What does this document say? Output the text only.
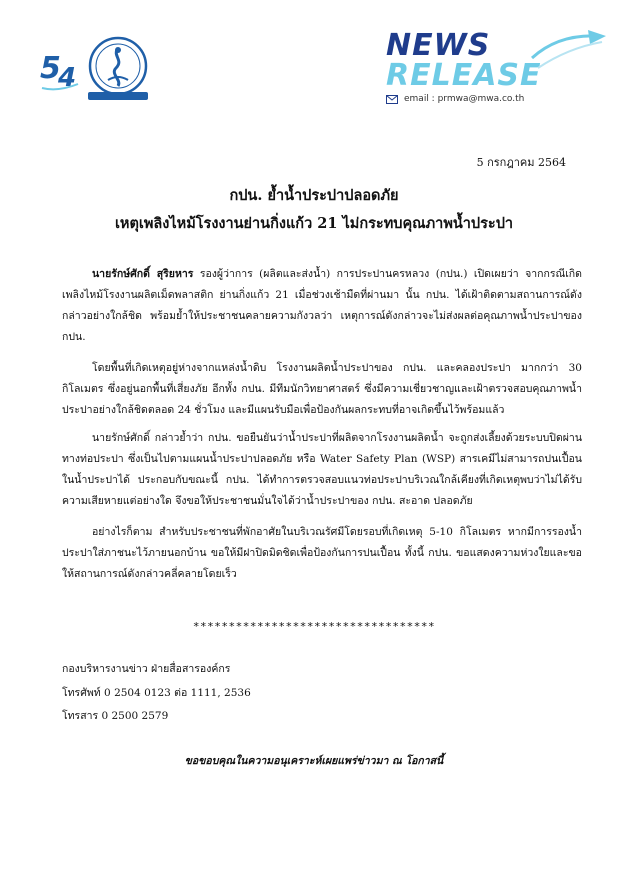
5
4
NEWS
RELEASE
email : prmwa@mwa.co.th
5 กรกฎาคม 2564
กปน. ย้ำน้ำประปาปลอดภัย
เหตุเพลิงไหม้โรงงานย่านกิ่งแก้ว 21 ไม่กระทบคุณภาพน้ำประปา
นายรักษ์ศักดิ์ สุริยหาร รองผู้ว่าการ (ผลิตและส่งน้ำ) การประปานครหลวง (กปน.) เปิดเผยว่า จากกรณีเกิดเพลิงไหม้โรงงานผลิตเม็ดพลาสติก ย่านกิ่งแก้ว 21 เมื่อช่วงเช้ามืดที่ผ่านมา นั้น กปน. ได้เฝ้าติดตามสถานการณ์ดังกล่าวอย่างใกล้ชิด พร้อมย้ำให้ประชาชนคลายความกังวลว่า เหตุการณ์ดังกล่าวจะไม่ส่งผลต่อคุณภาพน้ำประปาของ กปน.
โดยพื้นที่เกิดเหตุอยู่ห่างจากแหล่งน้ำดิบ โรงงานผลิตน้ำประปาของ กปน. และคลองประปา มากกว่า 30 กิโลเมตร ซึ่งอยู่นอกพื้นที่เสี่ยงภัย อีกทั้ง กปน. มีทีมนักวิทยาศาสตร์ ซึ่งมีความเชี่ยวชาญและเฝ้าตรวจสอบคุณภาพน้ำประปาอย่างใกล้ชิดตลอด 24 ชั่วโมง และมีแผนรับมือเพื่อป้องกันผลกระทบที่อาจเกิดขึ้นไว้พร้อมแล้ว
นายรักษ์ศักดิ์ กล่าวย้ำว่า กปน. ขอยืนยันว่าน้ำประปาที่ผลิตจากโรงงานผลิตน้ำ จะถูกส่งเลี้ยงด้วยระบบปิดผ่านทางท่อประปา ซึ่งเป็นไปตามแผนน้ำประปาปลอดภัย หรือ Water Safety Plan (WSP) สารเคมีไม่สามารถปนเปื้อนในน้ำประปาได้ ประกอบกับขณะนี้ กปน. ได้ทำการตรวจสอบแนวท่อประปาบริเวณใกล้เคียงที่เกิดเหตุพบว่าไม่ได้รับความเสียหายแต่อย่างใด จึงขอให้ประชาชนมั่นใจได้ว่าน้ำประปาของ กปน. สะอาด ปลอดภัย
อย่างไรก็ตาม สำหรับประชาชนที่พักอาศัยในบริเวณรัศมีโดยรอบที่เกิดเหตุ 5-10 กิโลเมตร หากมีการรองน้ำประปาใส่ภาชนะไว้ภายนอกบ้าน ขอให้มีฝาปิดมิดชิดเพื่อป้องกันการปนเปื้อน ทั้งนี้ กปน. ขอแสดงความห่วงใยและขอให้สถานการณ์ดังกล่าวคลี่คลายโดยเร็ว
**********************************
กองบริหารงานข่าว ฝ่ายสื่อสารองค์กร
โทรศัพท์ 0 2504 0123 ต่อ 1111, 2536
โทรสาร 0 2500 2579
ขอขอบคุณในความอนุเคราะห์เผยแพร่ข่าวมา ณ โอกาสนี้
